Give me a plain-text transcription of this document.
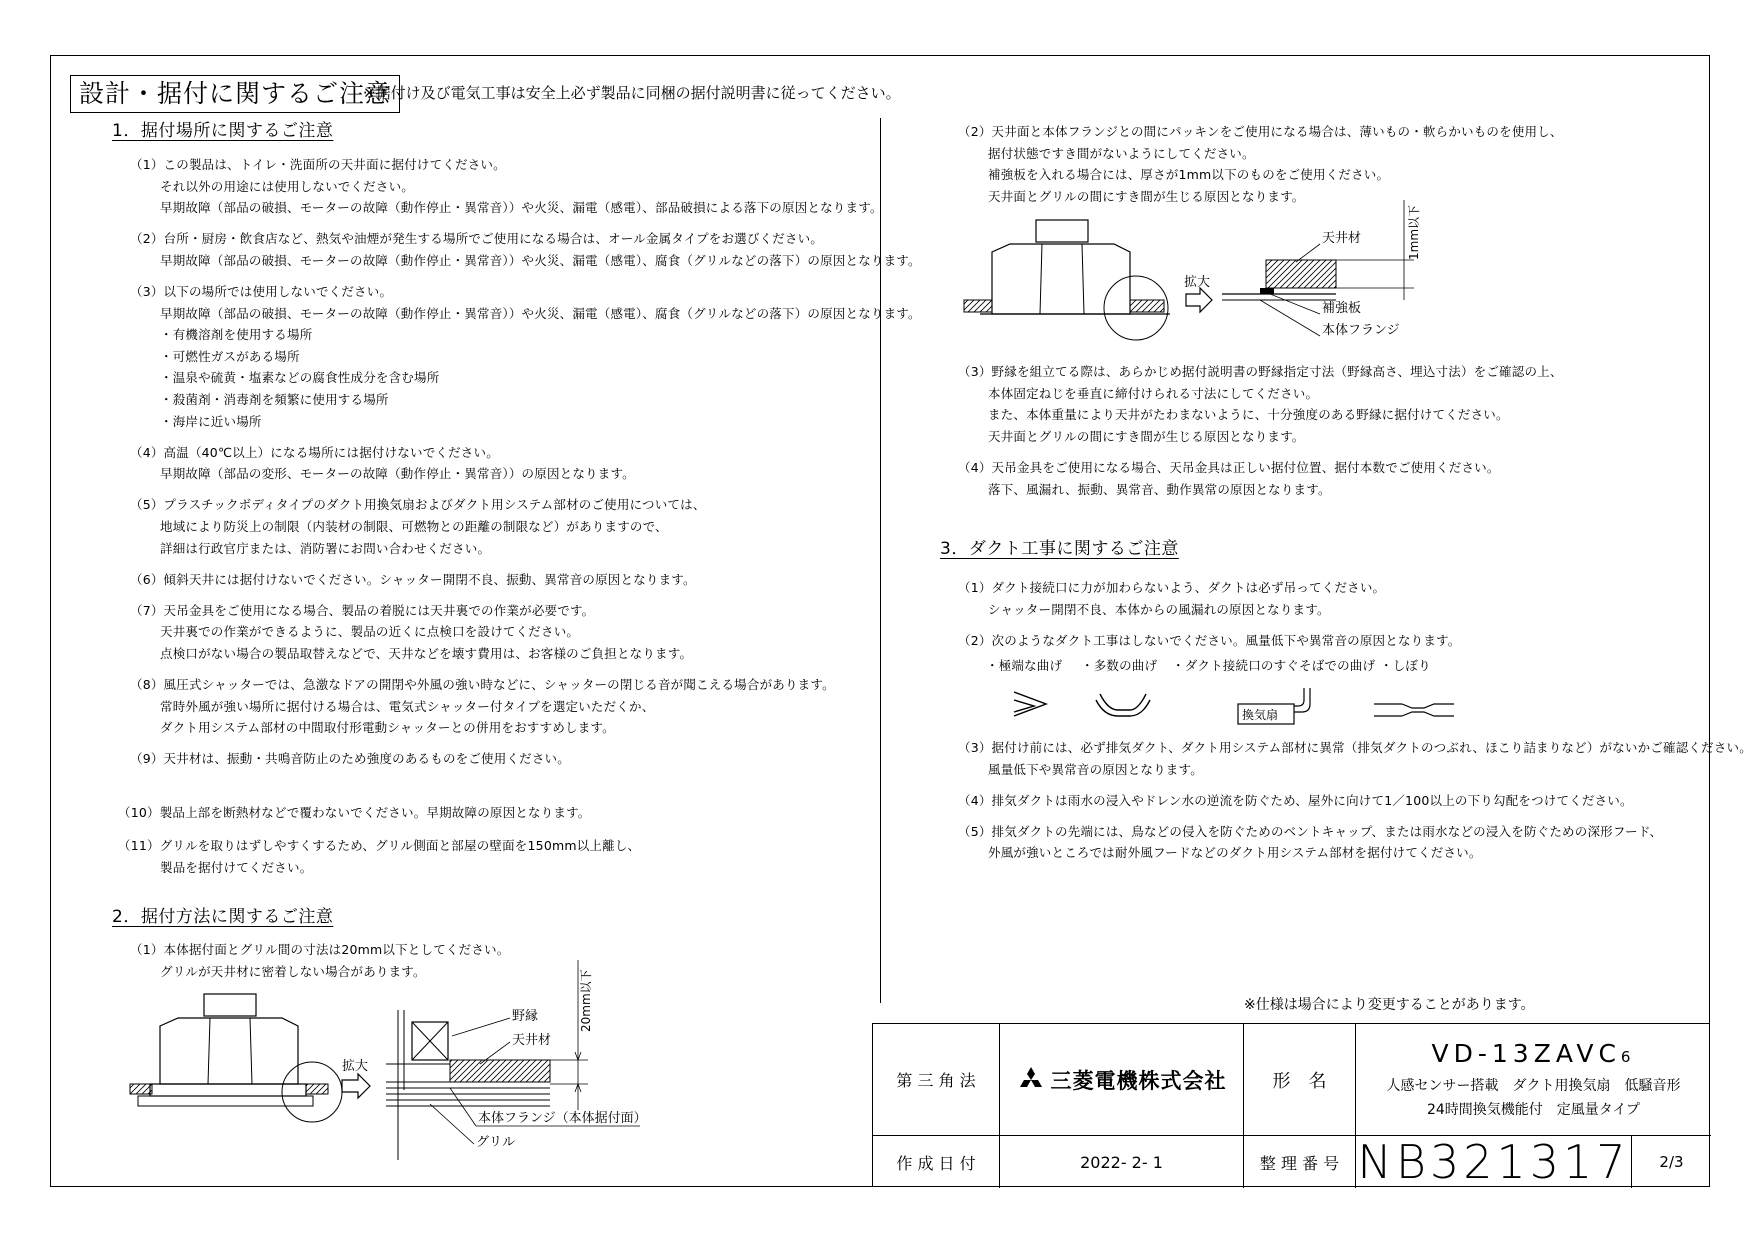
設計・据付に関するご注意
※据付け及び電気工事は安全上必ず製品に同梱の据付説明書に従ってください。
1．据付場所に関するご注意
（1）この製品は、トイレ・洗面所の天井面に据付けてください。
それ以外の用途には使用しないでください。
早期故障（部品の破損、モーターの故障（動作停止・異常音））や火災、漏電（感電）、部品破損による落下の原因となります。
（2）台所・厨房・飲食店など、熱気や油煙が発生する場所でご使用になる場合は、オール金属タイプをお選びください。
早期故障（部品の破損、モーターの故障（動作停止・異常音））や火災、漏電（感電）、腐食（グリルなどの落下）の原因となります。
（3）以下の場所では使用しないでください。
早期故障（部品の破損、モーターの故障（動作停止・異常音））や火災、漏電（感電）、腐食（グリルなどの落下）の原因となります。
・有機溶剤を使用する場所
・可燃性ガスがある場所
・温泉や硫黄・塩素などの腐食性成分を含む場所
・殺菌剤・消毒剤を頻繁に使用する場所
・海岸に近い場所
（4）高温（40℃以上）になる場所には据付けないでください。
早期故障（部品の変形、モーターの故障（動作停止・異常音））の原因となります。
（5）プラスチックボディタイプのダクト用換気扇およびダクト用システム部材のご使用については、
地域により防災上の制限（内装材の制限、可燃物との距離の制限など）がありますので、
詳細は行政官庁または、消防署にお問い合わせください。
（6）傾斜天井には据付けないでください。シャッター開閉不良、振動、異常音の原因となります。
（7）天吊金具をご使用になる場合、製品の着脱には天井裏での作業が必要です。
天井裏での作業ができるように、製品の近くに点検口を設けてください。
点検口がない場合の製品取替えなどで、天井などを壊す費用は、お客様のご負担となります。
（8）風圧式シャッターでは、急激なドアの開閉や外風の強い時などに、シャッターの閉じる音が聞こえる場合があります。
常時外風が強い場所に据付ける場合は、電気式シャッター付タイプを選定いただくか、
ダクト用システム部材の中間取付形電動シャッターとの併用をおすすめします。
（9）天井材は、振動・共鳴音防止のため強度のあるものをご使用ください。
（10）製品上部を断熱材などで覆わないでください。早期故障の原因となります。
（11）グリルを取りはずしやすくするため、グリル側面と部屋の壁面を150mm以上離し、
製品を据付けてください。
2．据付方法に関するご注意
（1）本体据付面とグリル間の寸法は20mm以下としてください。
グリルが天井材に密着しない場合があります。
（2）天井面と本体フランジとの間にパッキンをご使用になる場合は、薄いもの・軟らかいものを使用し、
据付状態ですき間がないようにしてください。
補強板を入れる場合には、厚さが1mm以下のものをご使用ください。
天井面とグリルの間にすき間が生じる原因となります。
（3）野縁を組立てる際は、あらかじめ据付説明書の野縁指定寸法（野縁高さ、埋込寸法）をご確認の上、
本体固定ねじを垂直に締付けられる寸法にしてください。
また、本体重量により天井がたわまないように、十分強度のある野縁に据付けてください。
天井面とグリルの間にすき間が生じる原因となります。
（4）天吊金具をご使用になる場合、天吊金具は正しい据付位置、据付本数でご使用ください。
落下、風漏れ、振動、異常音、動作異常の原因となります。
3．ダクト工事に関するご注意
（1）ダクト接続口に力が加わらないよう、ダクトは必ず吊ってください。
シャッター開閉不良、本体からの風漏れの原因となります。
（2）次のようなダクト工事はしないでください。風量低下や異常音の原因となります。
（3）据付け前には、必ず排気ダクト、ダクト用システム部材に異常（排気ダクトのつぶれ、ほこり詰まりなど）がないかご確認ください。
風量低下や異常音の原因となります。
（4）排気ダクトは雨水の浸入やドレン水の逆流を防ぐため、屋外に向けて1／100以上の下り勾配をつけてください。
（5）排気ダクトの先端には、鳥などの侵入を防ぐためのベントキャップ、または雨水などの浸入を防ぐための深形フード、
外風が強いところでは耐外風フードなどのダクト用システム部材を据付けてください。
拡大
20mm以下
野縁
天井材
本体フランジ（本体据付面）
グリル
拡大
1mm以下
天井材
補強板
本体フランジ
・極端な曲げ ・多数の曲げ ・ダクト接続口のすぐそばでの曲げ ・しぼり
換気扇
※仕様は場合により変更することがあります。
第 三 角 法	三菱電機株式会社	形　名
VD-13ZAVC6
人感センサー搭載　ダクト用換気扇　低騒音形
24時間換気機能付　定風量タイプ
作 成 日 付	2022- 2- 1	整 理 番 号 NB321317	2/3
